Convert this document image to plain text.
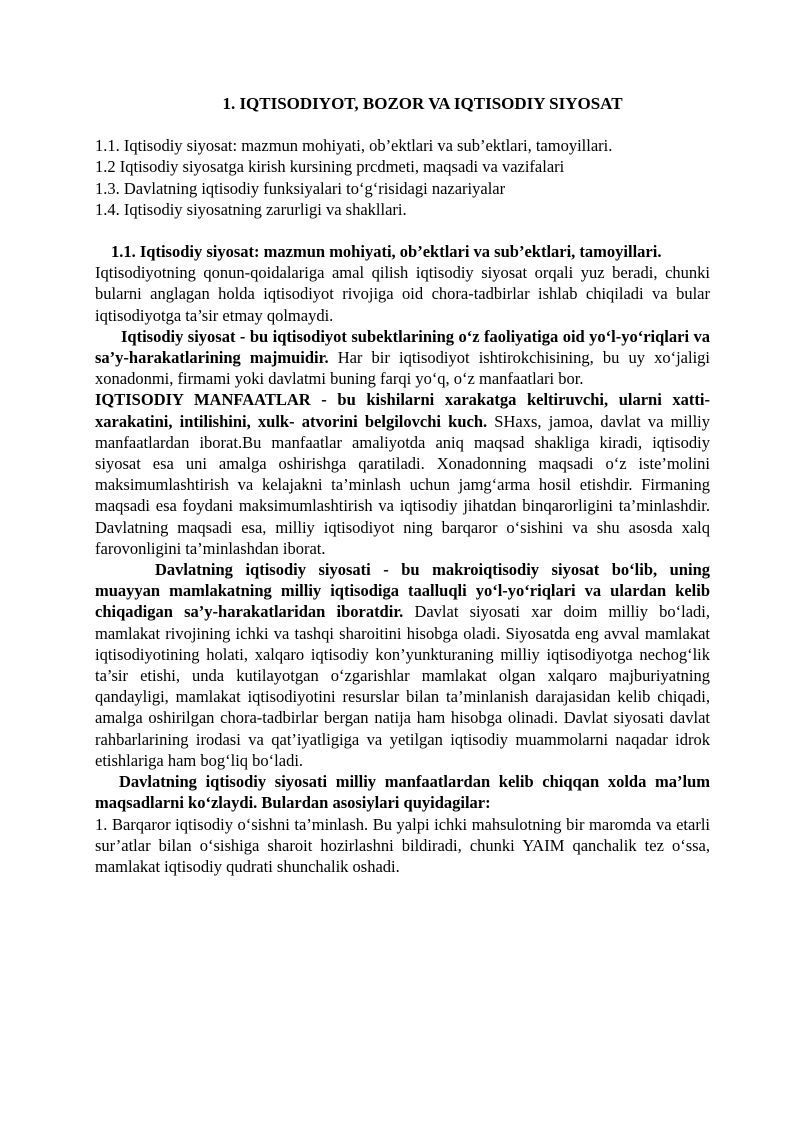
1. IQTISODIYOT, BOZOR VA IQTISODIY SIYOSAT
1.1. Iqtisodiy siyosat: mazmun mohiyati, ob’ektlari va sub’ektlari, tamoyillari.
1.2 Iqtisodiy siyosatga kirish kursining prcdmeti, maqsadi va vazifalari
1.3. Davlatning iqtisodiy funksiyalari to‘g‘risidagi nazariyalar
1.4. Iqtisodiy siyosatning zarurligi va shakllari.
1.1. Iqtisodiy siyosat: mazmun mohiyati, ob’ektlari va sub’ektlari, tamoyillari.

Iqtisodiyotning qonun-qoidalariga amal qilish iqtisodiy siyosat orqali yuz beradi, chunki bularni anglagan holda iqtisodiyot rivojiga oid chora-tadbirlar ishlab chiqiladi va bular iqtisodiyotga ta’sir etmay qolmaydi.

Iqtisodiy siyosat - bu iqtisodiyot subektlarining o‘z faoliyatiga oid yo‘l-yo‘riqlari va sa’y-harakatlarining majmuidir. Har bir iqtisodiyot ishtirokchisining, bu uy xo‘jaligi xonadonmi, firmami yoki davlatmi buning farqi yo‘q, o‘z manfaatlari bor.

IQTISODIY MANFAATLAR - bu kishilarni xarakatga keltiruvchi, ularni xatti-xarakatini, intilishini, xulk- atvorini belgilovchi kuch. SHaxs, jamoa, davlat va milliy manfaatlardan iborat.Bu manfaatlar amaliyotda aniq maqsad shakliga kiradi, iqtisodiy siyosat esa uni amalga oshirishga qaratiladi. Xonadonning maqsadi o‘z iste’molini maksimumlashtirish va kelajakni ta’minlash uchun jamg‘arma hosil etishdir. Firmaning maqsadi esa foydani maksimumlashtirish va iqtisodiy jihatdan binqarorligini ta’minlashdir. Davlatning maqsadi esa, milliy iqtisodiyot ning barqaror o‘sishini va shu asosda xalq farovonligini ta’minlashdan iborat.

Davlatning iqtisodiy siyosati - bu makroiqtisodiy siyosat bo‘lib, uning muayyan mamlakatning milliy iqtisodiga taalluqli yo‘l-yo‘riqlari va ulardan kelib chiqadigan sa’y-harakatlaridan iboratdir. Davlat siyosati xar doim milliy bo‘ladi, mamlakat rivojining ichki va tashqi sharoitini hisobga oladi. Siyosatda eng avval mamlakat iqtisodiyotining holati, xalqaro iqtisodiy kon’yunkturaning milliy iqtisodiyotga nechog‘lik ta’sir etishi, unda kutilayotgan o‘zgarishlar mamlakat olgan xalqaro majburiyatning qandayligi, mamlakat iqtisodiyotini resurslar bilan ta’minlanish darajasidan kelib chiqadi, amalga oshirilgan chora-tadbirlar bergan natija ham hisobga olinadi. Davlat siyosati davlat rahbarlarining irodasi va qat’iyatligiga va yetilgan iqtisodiy muammolarni naqadar idrok etishlariga ham bog‘liq bo‘ladi.

Davlatning iqtisodiy siyosati milliy manfaatlardan kelib chiqqan xolda ma’lum maqsadlarni ko‘zlaydi. Bulardan asosiylari quyidagilar:

1. Barqaror iqtisodiy o‘sishni ta’minlash. Bu yalpi ichki mahsulotning bir maromda va etarli sur’atlar bilan o‘sishiga sharoit hozirlashni bildiradi, chunki YAIM qanchalik tez o‘ssa, mamlakat iqtisodiy qudrati shunchalik oshadi.
